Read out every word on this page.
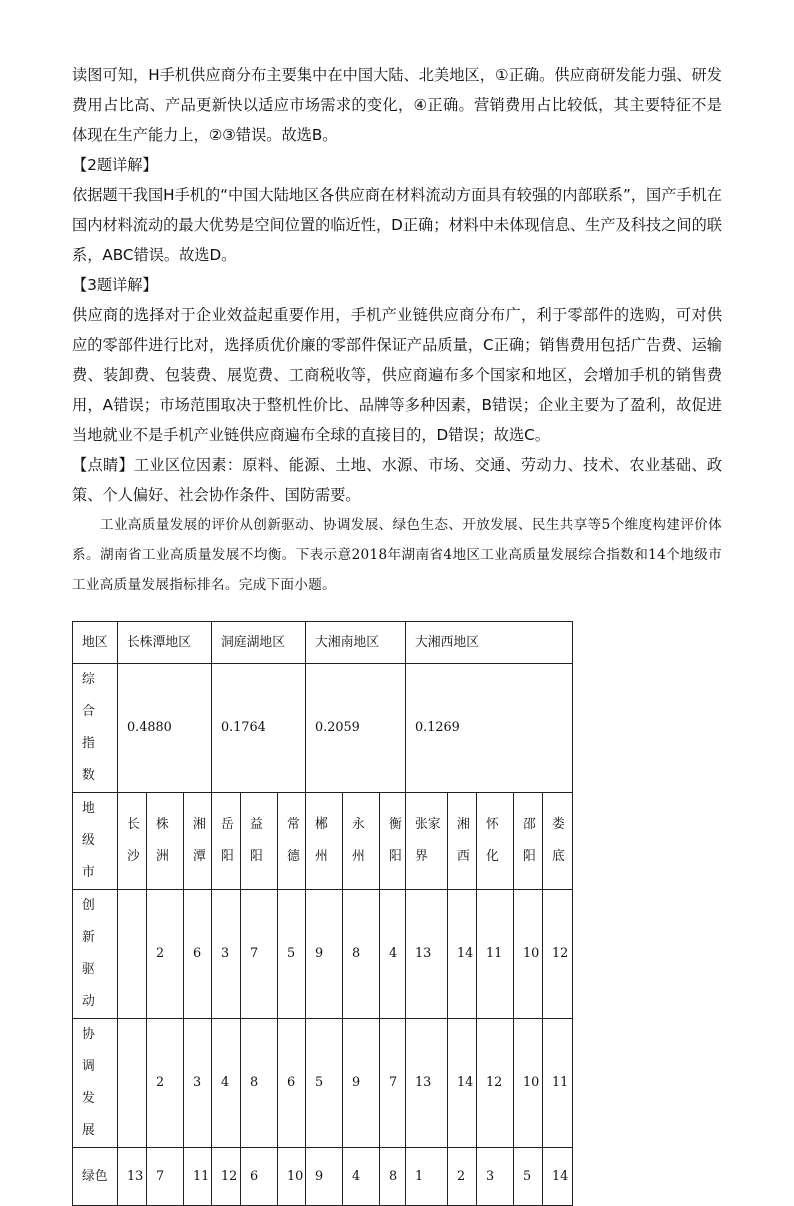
读图可知，H手机供应商分布主要集中在中国大陆、北美地区，①正确。供应商研发能力强、研发费用占比高、产品更新快以适应市场需求的变化，④正确。营销费用占比较低，其主要特征不是体现在生产能力上，②③错误。故选B。

【2题详解】

依据题干我国H手机的“中国大陆地区各供应商在材料流动方面具有较强的内部联系”，国产手机在国内材料流动的最大优势是空间位置的临近性，D正确；材料中未体现信息、生产及科技之间的联系，ABC错误。故选D。

【3题详解】

供应商的选择对于企业效益起重要作用，手机产业链供应商分布广，利于零部件的选购，可对供应的零部件进行比对，选择质优价廉的零部件保证产品质量，C正确；销售费用包括广告费、运输费、装卸费、包装费、展览费、工商税收等，供应商遍布多个国家和地区，会增加手机的销售费用，A错误；市场范围取决于整机性价比、品牌等多种因素，B错误；企业主要为了盈利，故促进当地就业不是手机产业链供应商遍布全球的直接目的，D错误；故选C。

【点睛】工业区位因素：原料、能源、土地、水源、市场、交通、劳动力、技术、农业基础、政策、个人偏好、社会协作条件、国防需要。

工业高质量发展的评价从创新驱动、协调发展、绿色生态、开放发展、民生共享等5个维度构建评价体系。湖南省工业高质量发展不均衡。下表示意2018年湖南省4地区工业高质量发展综合指数和14个地级市工业高质量发展指标排名。完成下面小题。

地区	长株潭地区			洞庭湖地区			大湘南地区			大湘西地区				

综合指数	0.4880			0.1764			0.2059			0.1269				

地级市	长沙	株洲	湘潭	岳阳	益阳	常德	郴州	永州	衡阳	张家界	湘西	怀化	邵阳	娄底

创新驱动		2	6	3	7	5	9	8	4	13	14	11	10	12

协调发展		2	3	4	8	6	5	9	7	13	14	12	10	11
绿色	13	7	11	12	6	10	9	4	8	1	2	3	5	14
